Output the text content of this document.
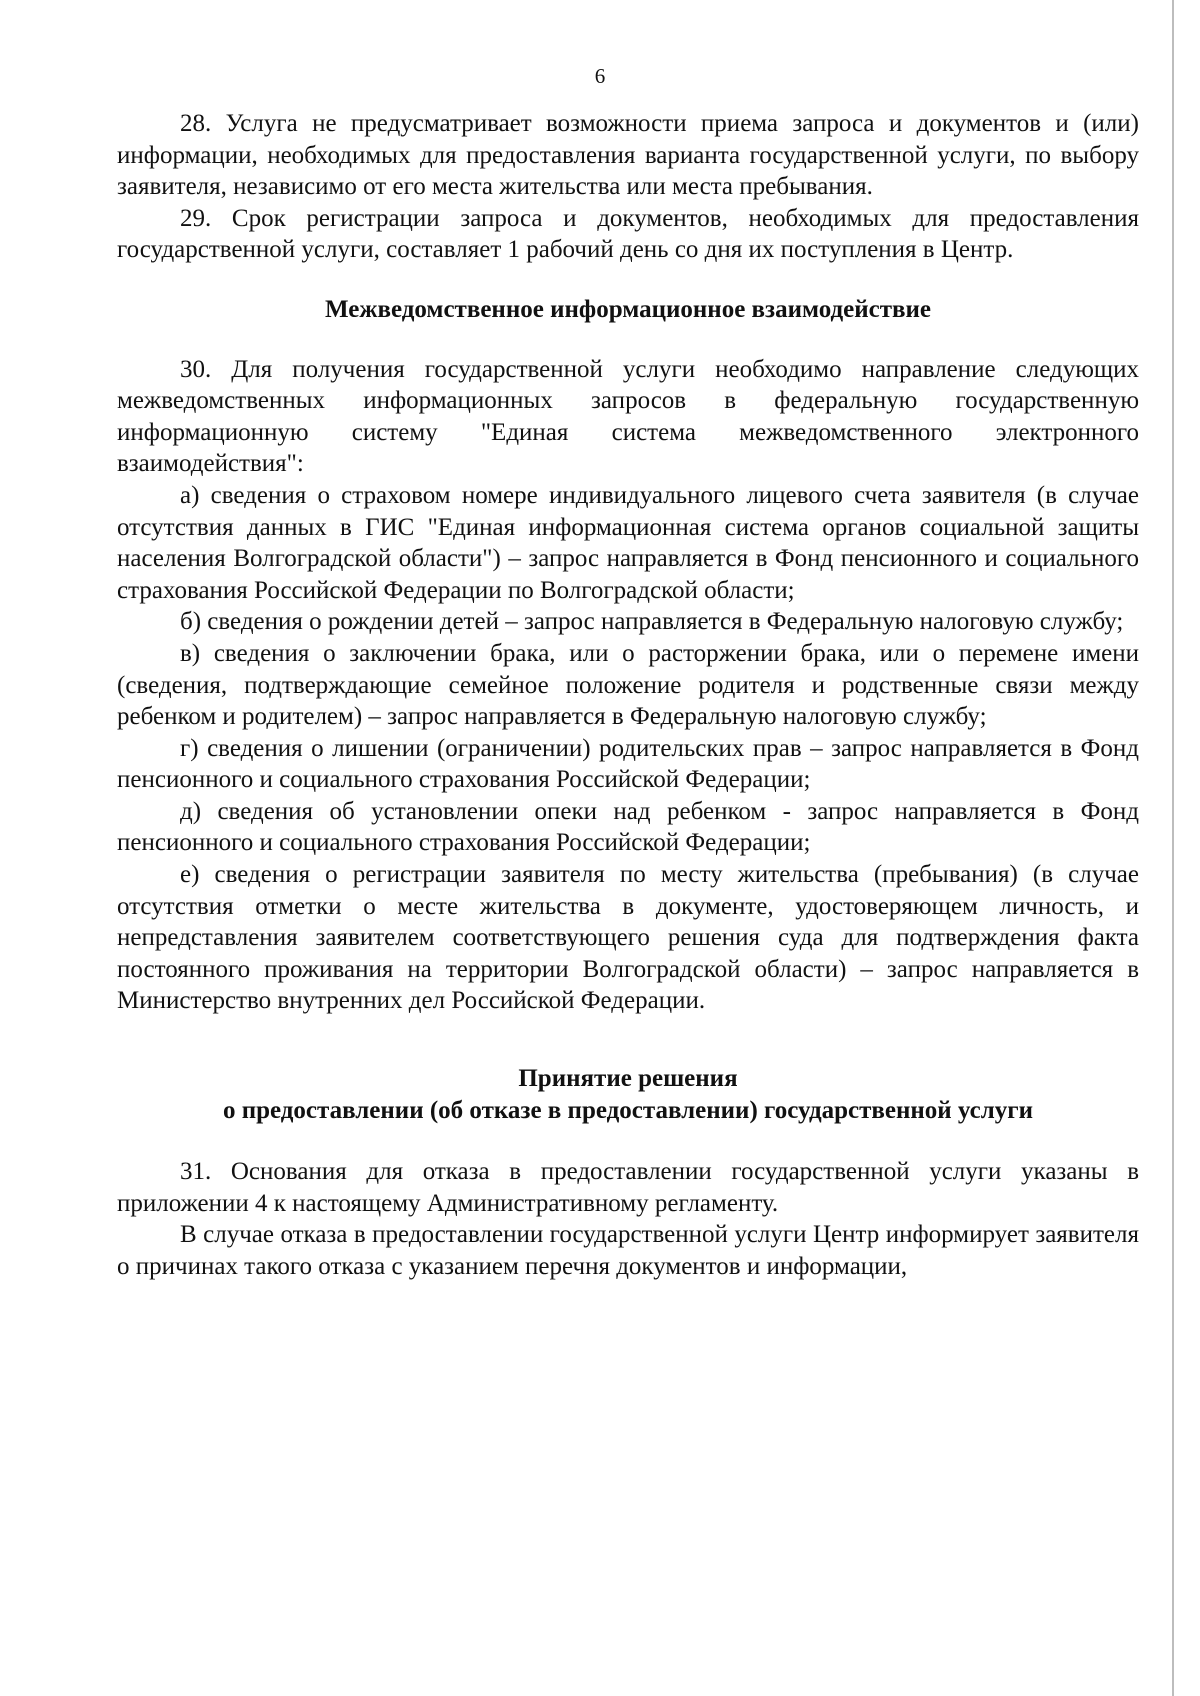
6

28. Услуга не предусматривает возможности приема запроса и документов и (или) информации, необходимых для предоставления варианта государственной услуги, по выбору заявителя, независимо от его места жительства или места пребывания.

29. Срок регистрации запроса и документов, необходимых для предоставления государственной услуги, составляет 1 рабочий день со дня их поступления в Центр.

Межведомственное информационное взаимодействие

30. Для получения государственной услуги необходимо направление следующих межведомственных информационных запросов в федеральную государственную информационную систему "Единая система межведомственного электронного взаимодействия":

а) сведения о страховом номере индивидуального лицевого счета заявителя (в случае отсутствия данных в ГИС "Единая информационная система органов социальной защиты населения Волгоградской области") – запрос направляется в Фонд пенсионного и социального страхования Российской Федерации по Волгоградской области;

б) сведения о рождении детей – запрос направляется в Федеральную налоговую службу;

в) сведения о заключении брака, или о расторжении брака, или о перемене имени (сведения, подтверждающие семейное положение родителя и родственные связи между ребенком и родителем) – запрос направляется в Федеральную налоговую службу;

г) сведения о лишении (ограничении) родительских прав – запрос направляется в Фонд пенсионного и социального страхования Российской Федерации;

д) сведения об установлении опеки над ребенком - запрос направляется в Фонд пенсионного и социального страхования Российской Федерации;

е) сведения о регистрации заявителя по месту жительства (пребывания) (в случае отсутствия отметки о месте жительства в документе, удостоверяющем личность, и непредставления заявителем соответствующего решения суда для подтверждения факта постоянного проживания на территории Волгоградской области) – запрос направляется в Министерство внутренних дел Российской Федерации.

Принятие решения
о предоставлении (об отказе в предоставлении) государственной услуги

31. Основания для отказа в предоставлении государственной услуги указаны в приложении 4 к настоящему Административному регламенту.

В случае отказа в предоставлении государственной услуги Центр информирует заявителя о причинах такого отказа с указанием перечня документов и информации,
